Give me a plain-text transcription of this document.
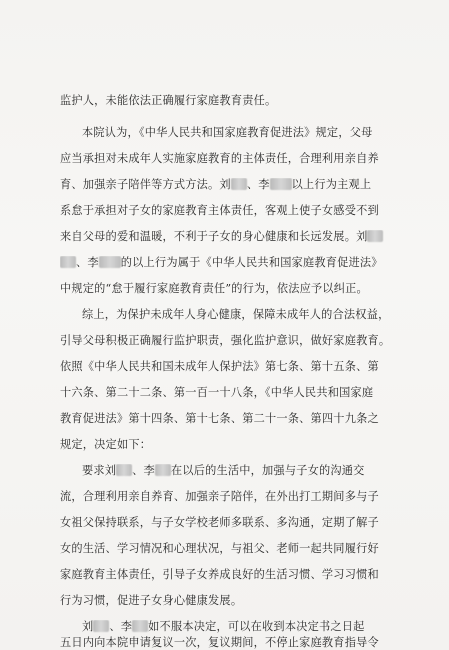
监护人，未能依法正确履行家庭教育责任。
本院认为，《中华人民共和国家庭教育促进法》规定，父母
应当承担对未成年人实施家庭教育的主体责任，合理利用亲自养
育、加强亲子陪伴等方式方法。刘 、李 以上行为主观上
系怠于承担对子女的家庭教育主体责任，客观上使子女感受不到
来自父母的爱和温暖，不利于子女的身心健康和长远发展。刘
、李 的以上行为属于《中华人民共和国家庭教育促进法》
中规定的“怠于履行家庭教育责任”的行为，依法应予以纠正。
综上，为保护未成年人身心健康，保障未成年人的合法权益，
引导父母积极正确履行监护职责，强化监护意识，做好家庭教育。
依照《中华人民共和国未成年人保护法》第七条、第十五条、第
十六条、第二十二条、第一百一十八条，《中华人民共和国家庭
教育促进法》第十四条、第十七条、第二十一条、第四十九条之
规定，决定如下：
要求刘 、李 在以后的生活中，加强与子女的沟通交
流，合理利用亲自养育、加强亲子陪伴，在外出打工期间多与子
女祖父保持联系，与子女学校老师多联系、多沟通，定期了解子
女的生活、学习情况和心理状况，与祖父、老师一起共同履行好
家庭教育主体责任，引导子女养成良好的生活习惯、学习习惯和
行为习惯，促进子女身心健康发展。
刘 、李 如不服本决定，可以在收到本决定书之日起
五日内向本院申请复议一次，复议期间，不停止家庭教育指导令
